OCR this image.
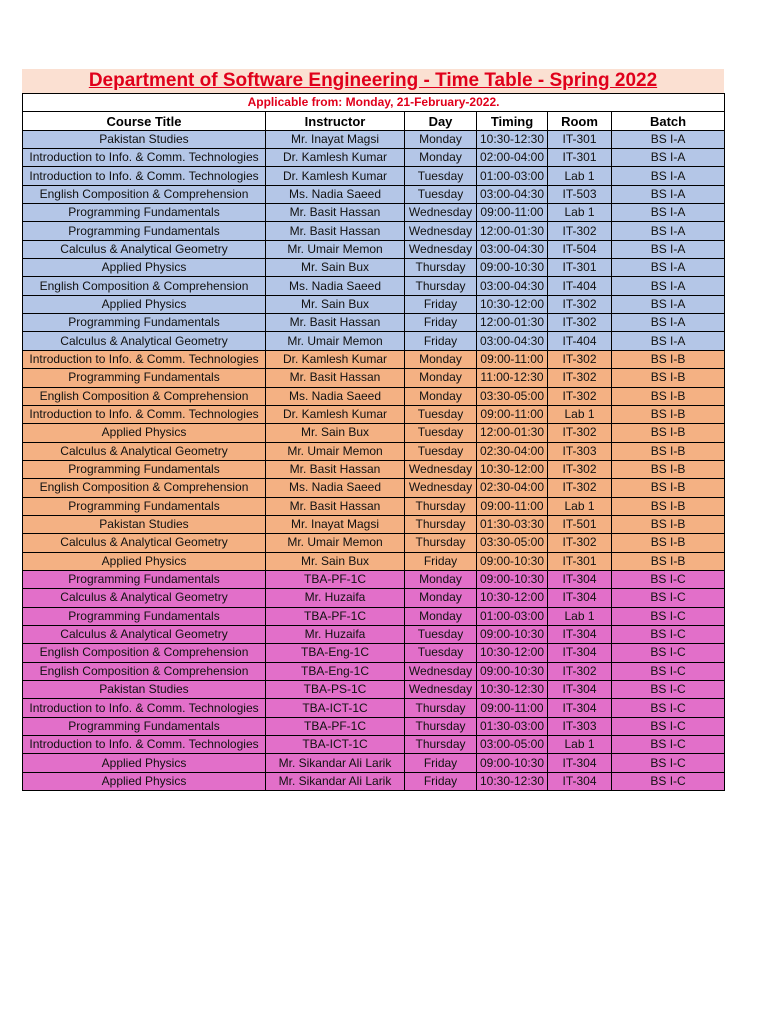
Department of Software Engineering - Time Table - Spring 2022
Applicable from: Monday, 21-February-2022.					
Course Title	Instructor	Day	Timing	Room	Batch
Pakistan Studies	Mr. Inayat Magsi	Monday	10:30-12:30	IT-301	BS I-A
Introduction to Info. & Comm. Technologies	Dr. Kamlesh Kumar	Monday	02:00-04:00	IT-301	BS I-A
Introduction to Info. & Comm. Technologies	Dr. Kamlesh Kumar	Tuesday	01:00-03:00	Lab 1	BS I-A
English Composition & Comprehension	Ms. Nadia Saeed	Tuesday	03:00-04:30	IT-503	BS I-A
Programming Fundamentals	Mr. Basit Hassan	Wednesday	09:00-11:00	Lab 1	BS I-A
Programming Fundamentals	Mr. Basit Hassan	Wednesday	12:00-01:30	IT-302	BS I-A
Calculus & Analytical Geometry	Mr. Umair Memon	Wednesday	03:00-04:30	IT-504	BS I-A
Applied Physics	Mr. Sain Bux	Thursday	09:00-10:30	IT-301	BS I-A
English Composition & Comprehension	Ms. Nadia Saeed	Thursday	03:00-04:30	IT-404	BS I-A
Applied Physics	Mr. Sain Bux	Friday	10:30-12:00	IT-302	BS I-A
Programming Fundamentals	Mr. Basit Hassan	Friday	12:00-01:30	IT-302	BS I-A
Calculus & Analytical Geometry	Mr. Umair Memon	Friday	03:00-04:30	IT-404	BS I-A
Introduction to Info. & Comm. Technologies	Dr. Kamlesh Kumar	Monday	09:00-11:00	IT-302	BS I-B
Programming Fundamentals	Mr. Basit Hassan	Monday	11:00-12:30	IT-302	BS I-B
English Composition & Comprehension	Ms. Nadia Saeed	Monday	03:30-05:00	IT-302	BS I-B
Introduction to Info. & Comm. Technologies	Dr. Kamlesh Kumar	Tuesday	09:00-11:00	Lab 1	BS I-B
Applied Physics	Mr. Sain Bux	Tuesday	12:00-01:30	IT-302	BS I-B
Calculus & Analytical Geometry	Mr. Umair Memon	Tuesday	02:30-04:00	IT-303	BS I-B
Programming Fundamentals	Mr. Basit Hassan	Wednesday	10:30-12:00	IT-302	BS I-B
English Composition & Comprehension	Ms. Nadia Saeed	Wednesday	02:30-04:00	IT-302	BS I-B
Programming Fundamentals	Mr. Basit Hassan	Thursday	09:00-11:00	Lab 1	BS I-B
Pakistan Studies	Mr. Inayat Magsi	Thursday	01:30-03:30	IT-501	BS I-B
Calculus & Analytical Geometry	Mr. Umair Memon	Thursday	03:30-05:00	IT-302	BS I-B
Applied Physics	Mr. Sain Bux	Friday	09:00-10:30	IT-301	BS I-B
Programming Fundamentals	TBA-PF-1C	Monday	09:00-10:30	IT-304	BS I-C
Calculus & Analytical Geometry	Mr. Huzaifa	Monday	10:30-12:00	IT-304	BS I-C
Programming Fundamentals	TBA-PF-1C	Monday	01:00-03:00	Lab 1	BS I-C
Calculus & Analytical Geometry	Mr. Huzaifa	Tuesday	09:00-10:30	IT-304	BS I-C
English Composition & Comprehension	TBA-Eng-1C	Tuesday	10:30-12:00	IT-304	BS I-C
English Composition & Comprehension	TBA-Eng-1C	Wednesday	09:00-10:30	IT-302	BS I-C
Pakistan Studies	TBA-PS-1C	Wednesday	10:30-12:30	IT-304	BS I-C
Introduction to Info. & Comm. Technologies	TBA-ICT-1C	Thursday	09:00-11:00	IT-304	BS I-C
Programming Fundamentals	TBA-PF-1C	Thursday	01:30-03:00	IT-303	BS I-C
Introduction to Info. & Comm. Technologies	TBA-ICT-1C	Thursday	03:00-05:00	Lab 1	BS I-C
Applied Physics	Mr. Sikandar Ali Larik	Friday	09:00-10:30	IT-304	BS I-C
Applied Physics	Mr. Sikandar Ali Larik	Friday	10:30-12:30	IT-304	BS I-C
